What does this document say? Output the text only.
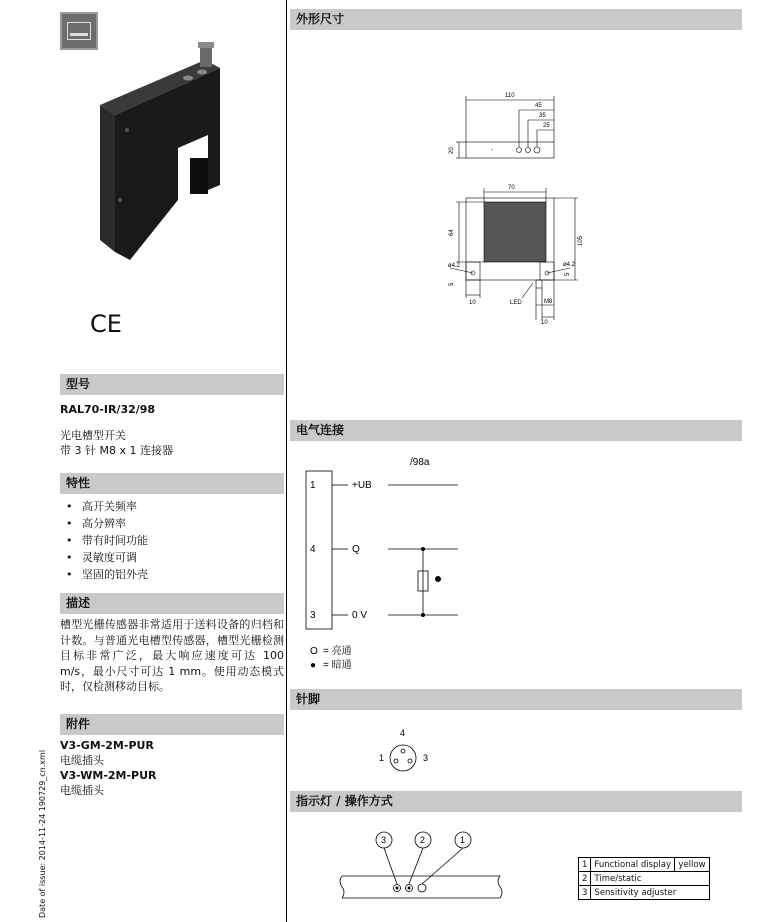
CE
型号
RAL70-IR/32/98
光电槽型开关
带 3 针 M8 x 1 连接器
特性
• 高开关频率
• 高分辨率
• 带有时间功能
• 灵敏度可调
• 坚固的铝外壳
描述
槽型光栅传感器非常适用于送料设备的归档和计数。与普通光电槽型传感器，槽型光栅检测目标非常广泛，最大响应速度可达 100 m/s，最小尺寸可达 1 mm。使用动态模式时，仅检测移动目标。
附件
V3-GM-2M-PUR
电缆插头
V3-WM-2M-PUR
电缆插头
Date of issue: 2014-11-24 190729_cn.xml
外形尺寸
110
45
35
25
20	-
70
64
105
ø4.2	ø4.2
5
5
10	M8
LED
10
电气连接
/98a
1	+UB
4	Q
3	0 V
O = 亮通
● = 暗通
针脚
4
1	3
指示灯 / 操作方式
3	2	1
1	Functional display	yellow
2	Time/static	
3	Sensitivity adjuster	
